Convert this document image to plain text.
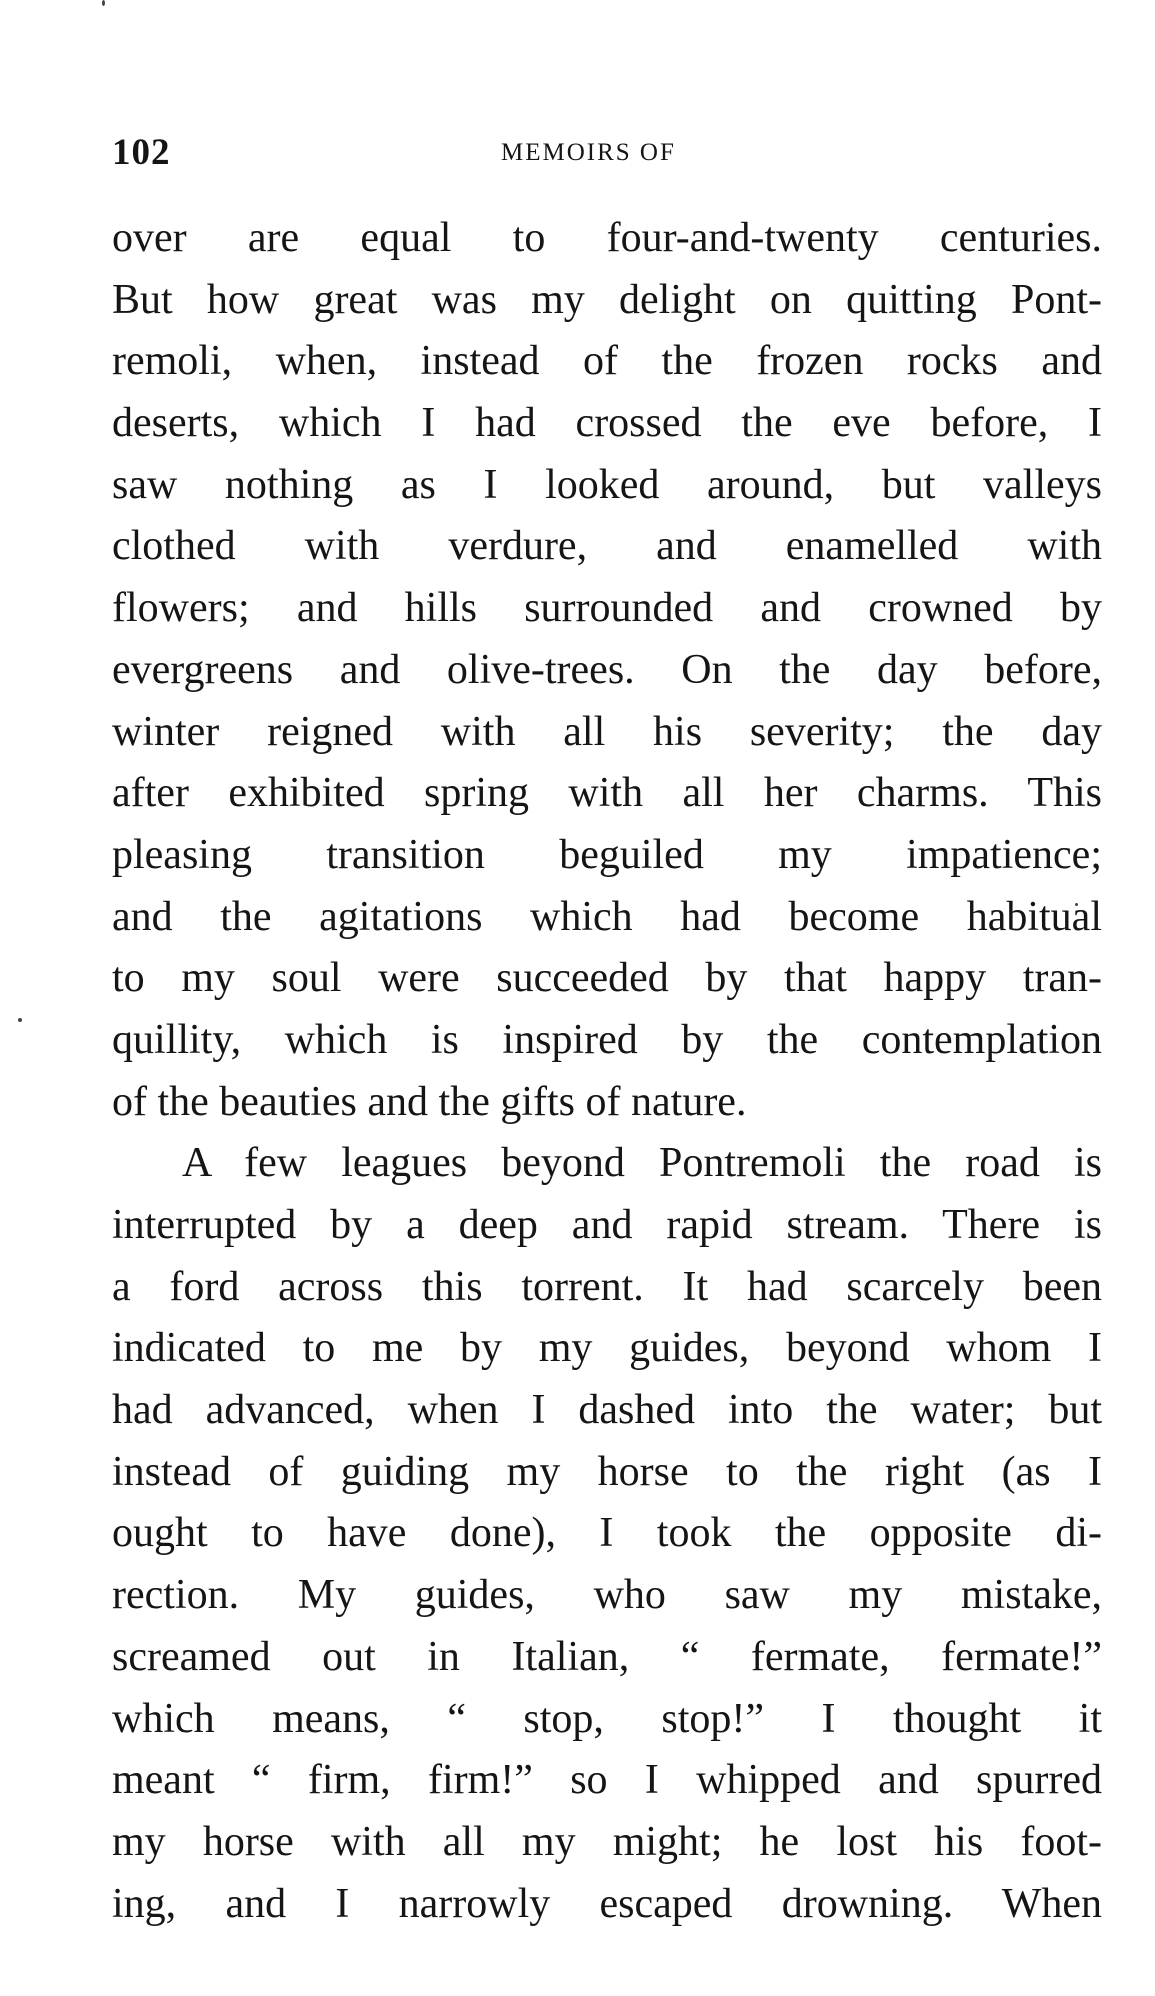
102	MEMOIRS OF

over are equal to four-and-twenty centuries.
But how great was my delight on quitting Pont-
remoli, when, instead of the frozen rocks and
deserts, which I had crossed the eve before, I
saw nothing as I looked around, but valleys
clothed with verdure, and enamelled with
flowers; and hills surrounded and crowned by
evergreens and olive-trees. On the day before,
winter reigned with all his severity; the day
after exhibited spring with all her charms. This
pleasing transition beguiled my impatience;
and the agitations which had become habitual
to my soul were succeeded by that happy tran-
quillity, which is inspired by the contemplation
of the beauties and the gifts of nature.

A few leagues beyond Pontremoli the road is
interrupted by a deep and rapid stream. There is
a ford across this torrent. It had scarcely been
indicated to me by my guides, beyond whom I
had advanced, when I dashed into the water; but
instead of guiding my horse to the right (as I
ought to have done), I took the opposite di-
rection. My guides, who saw my mistake,
screamed out in Italian, “ fermate, fermate!”
which means, “ stop, stop!” I thought it
meant “ firm, firm!” so I whipped and spurred
my horse with all my might; he lost his foot-
ing, and I narrowly escaped drowning. When
